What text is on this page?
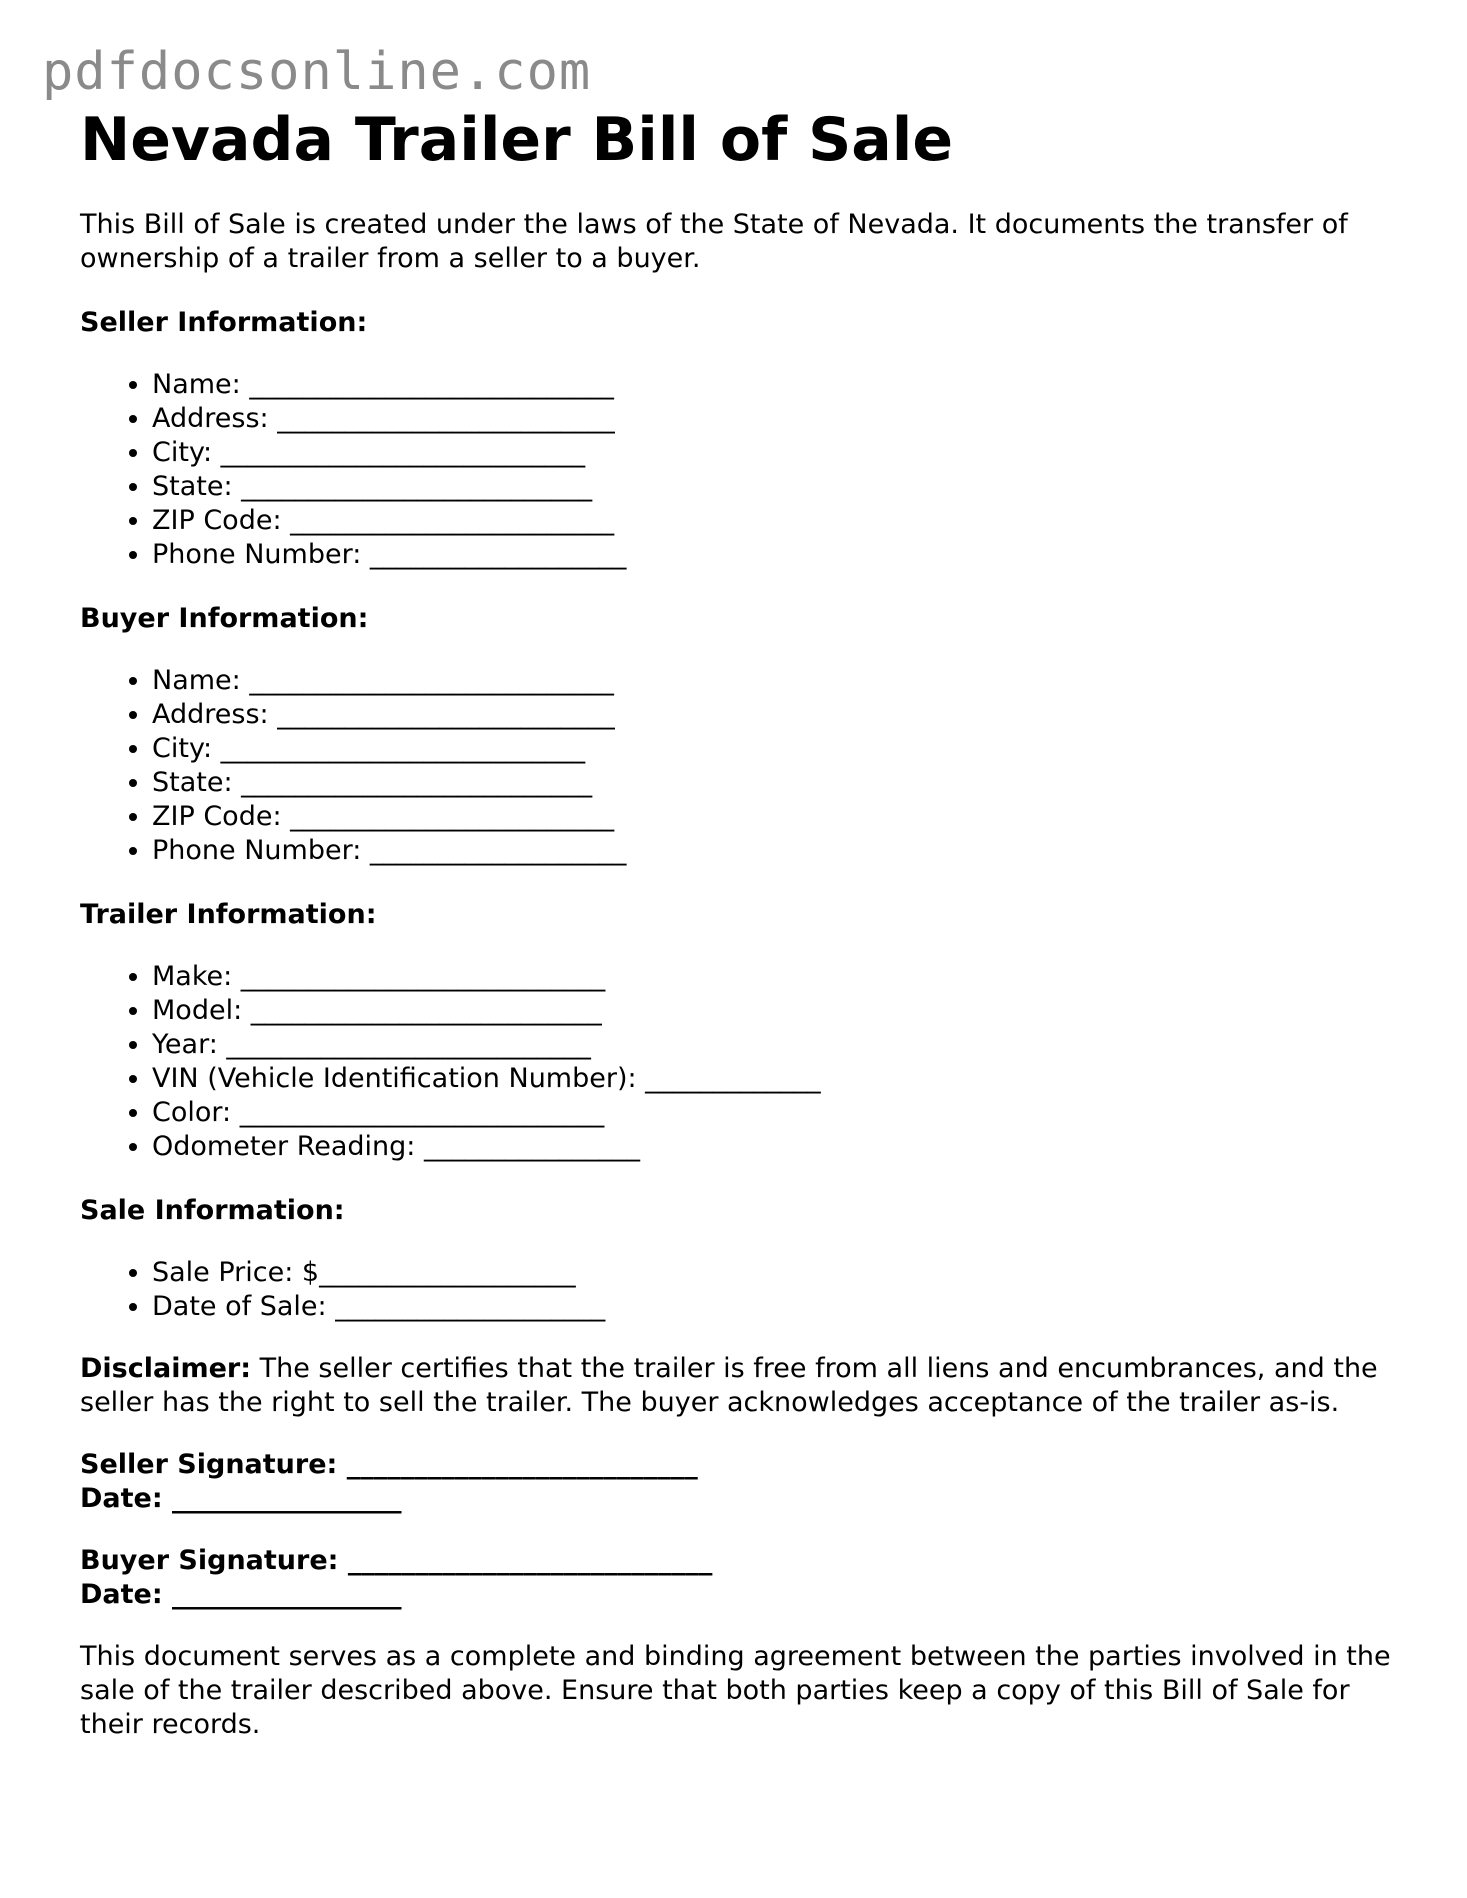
pdfdocsonline.com
Nevada Trailer Bill of Sale

This Bill of Sale is created under the laws of the State of Nevada. It documents the transfer of ownership of a trailer from a seller to a buyer.

Seller Information:
• Name: ___________________________
• Address: _________________________
• City: ___________________________
• State: __________________________
• ZIP Code: ________________________
• Phone Number: ___________________
Buyer Information:
• Name: ___________________________
• Address: _________________________
• City: ___________________________
• State: __________________________
• ZIP Code: ________________________
• Phone Number: ___________________
Trailer Information:
• Make: ___________________________
• Model: __________________________
• Year: ___________________________
• VIN (Vehicle Identification Number): _____________
• Color: ___________________________
• Odometer Reading: ________________
Sale Information:
• Sale Price: $___________________
• Date of Sale: ____________________

Disclaimer: The seller certifies that the trailer is free from all liens and encumbrances, and the seller has the right to sell the trailer. The buyer acknowledges acceptance of the trailer as-is.

Seller Signature: __________________________
Date: _________________
Buyer Signature: ___________________________
Date: _________________

This document serves as a complete and binding agreement between the parties involved in the sale of the trailer described above. Ensure that both parties keep a copy of this Bill of Sale for their records.
